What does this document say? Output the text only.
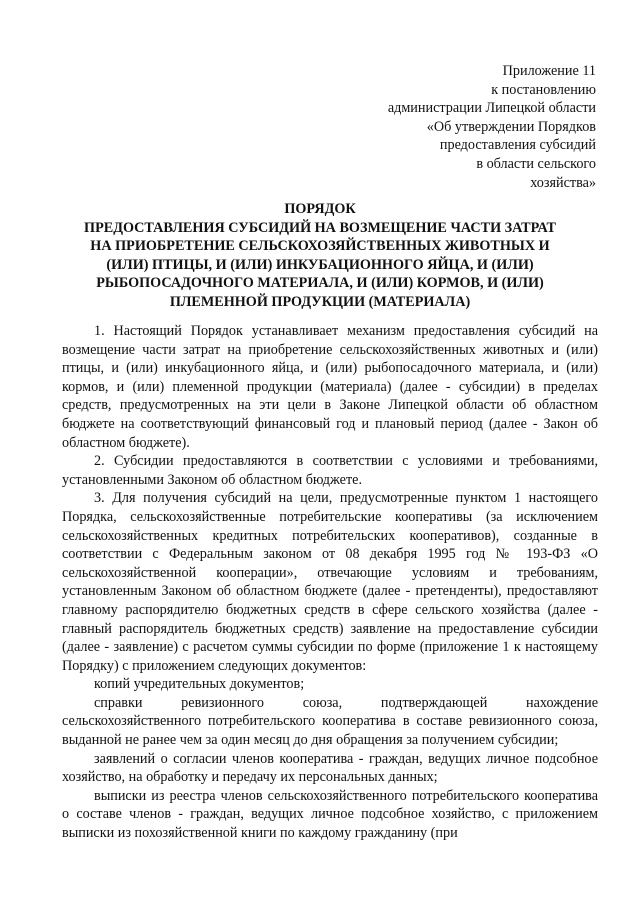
Приложение 11
к постановлению
администрации Липецкой области
«Об утверждении Порядков
предоставления субсидий
в области сельского
хозяйства»
ПОРЯДОК
ПРЕДОСТАВЛЕНИЯ СУБСИДИЙ НА ВОЗМЕЩЕНИЕ ЧАСТИ ЗАТРАТ
НА ПРИОБРЕТЕНИЕ СЕЛЬСКОХОЗЯЙСТВЕННЫХ ЖИВОТНЫХ И
(ИЛИ) ПТИЦЫ, И (ИЛИ) ИНКУБАЦИОННОГО ЯЙЦА, И (ИЛИ)
РЫБОПОСАДОЧНОГО МАТЕРИАЛА, И (ИЛИ) КОРМОВ, И (ИЛИ)
ПЛЕМЕННОЙ ПРОДУКЦИИ (МАТЕРИАЛА)

1. Настоящий Порядок устанавливает механизм предоставления субсидий на возмещение части затрат на приобретение сельскохозяйственных животных и (или) птицы, и (или) инкубационного яйца, и (или) рыбопосадочного материала, и (или) кормов, и (или) племенной продукции (материала) (далее - субсидии) в пределах средств, предусмотренных на эти цели в Законе Липецкой области об областном бюджете на соответствующий финансовый год и плановый период (далее - Закон об областном бюджете).

2. Субсидии предоставляются в соответствии с условиями и требованиями, установленными Законом об областном бюджете.

3. Для получения субсидий на цели, предусмотренные пунктом 1 настоящего Порядка, сельскохозяйственные потребительские кооперативы (за исключением сельскохозяйственных кредитных потребительских кооперативов), созданные в соответствии с Федеральным законом от 08 декабря 1995 год № 193-ФЗ «О сельскохозяйственной кооперации», отвечающие условиям и требованиям, установленным Законом об областном бюджете (далее - претенденты), предоставляют главному распорядителю бюджетных средств в сфере сельского хозяйства (далее - главный распорядитель бюджетных средств) заявление на предоставление субсидии (далее - заявление) с расчетом суммы субсидии по форме (приложение 1 к настоящему Порядку) с приложением следующих документов:

копий учредительных документов;

справки ревизионного союза, подтверждающей нахождение сельскохозяйственного потребительского кооператива в составе ревизионного союза, выданной не ранее чем за один месяц до дня обращения за получением субсидии;

заявлений о согласии членов кооператива - граждан, ведущих личное подсобное хозяйство, на обработку и передачу их персональных данных;

выписки из реестра членов сельскохозяйственного потребительского кооператива о составе членов - граждан, ведущих личное подсобное хозяйство, с приложением выписки из похозяйственной книги по каждому гражданину (при
